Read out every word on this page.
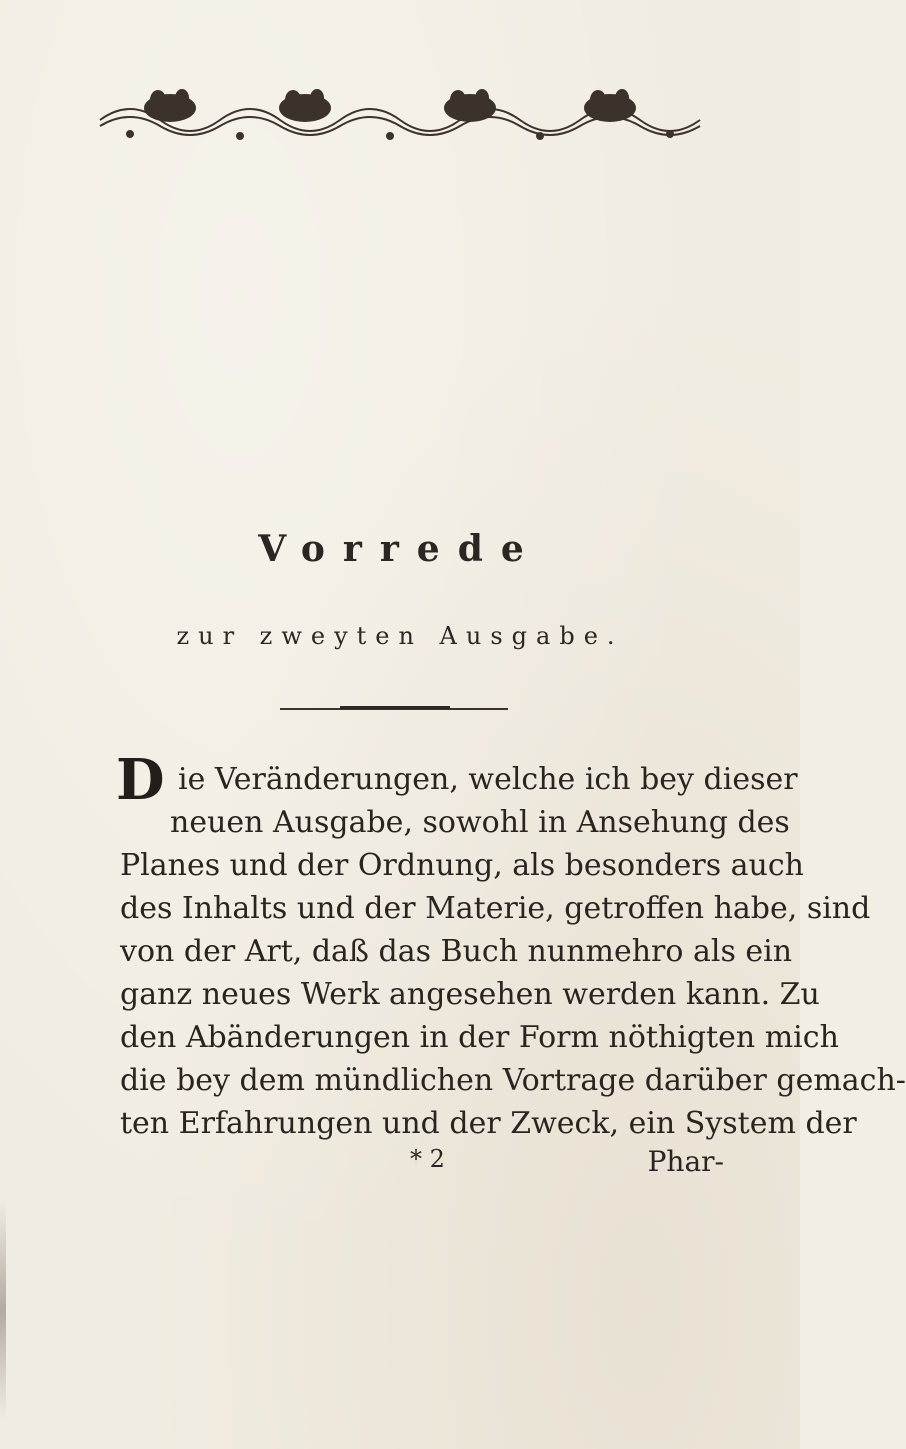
Vorrede
zur zweyten Ausgabe.
D ie Veränderungen, welche ich bey dieser
neuen Ausgabe, sowohl in Ansehung des
Planes und der Ordnung, als besonders auch
des Inhalts und der Materie, getroffen habe, sind
von der Art, daß das Buch nunmehro als ein
ganz neues Werk angesehen werden kann. Zu
den Abänderungen in der Form nöthigten mich
die bey dem mündlichen Vortrage darüber gemach-
ten Erfahrungen und der Zweck, ein System der
* 2	Phar-
